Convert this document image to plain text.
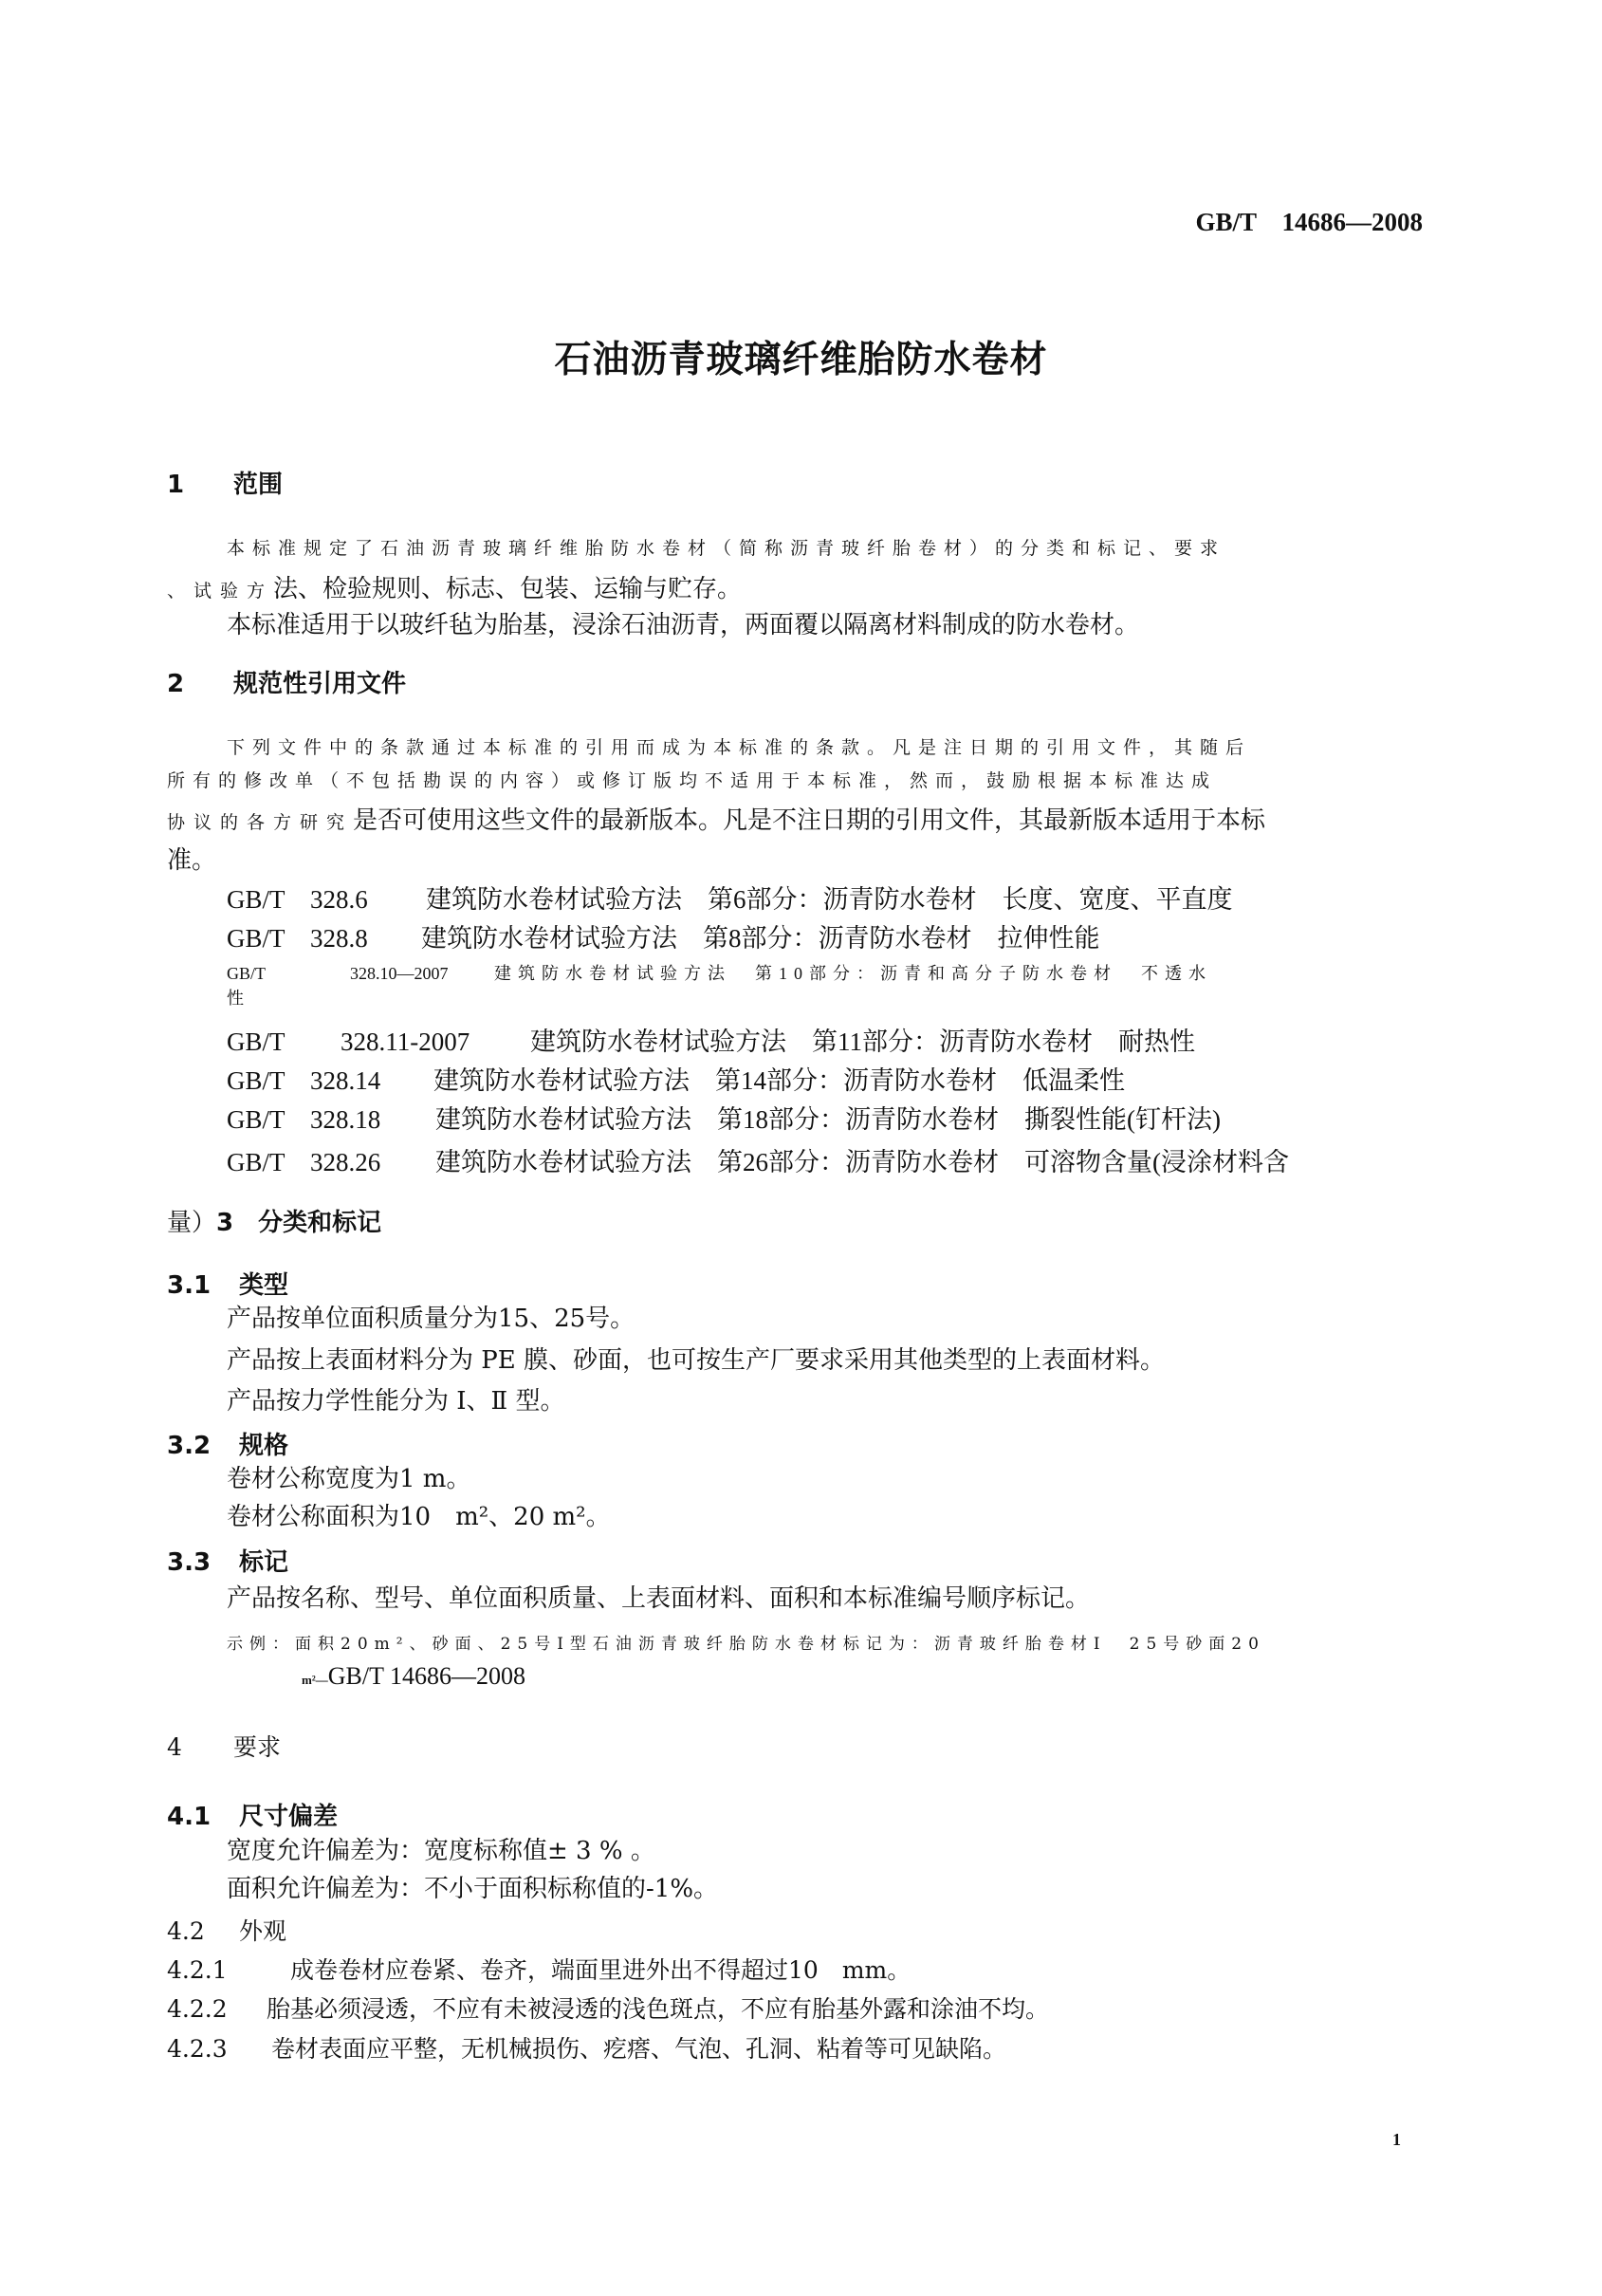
GB/T　14686—2008
石油沥青玻璃纤维胎防水卷材
1 范围
本标准规定了石油沥青玻璃纤维胎防水卷材（简称沥青玻纤胎卷材）的分类和标记、要求
、试验方法、检验规则、标志、包装、运输与贮存。
本标准适用于以玻纤毡为胎基，浸涂石油沥青，两面覆以隔离材料制成的防水卷材。
2 规范性引用文件
下列文件中的条款通过本标准的引用而成为本标准的条款。凡是注日期的引用文件，其随后
所有的修改单（不包括勘误的内容）或修订版均不适用于本标准，然而，鼓励根据本标准达成
协议的各方研究是否可使用这些文件的最新版本。凡是不注日期的引用文件，其最新版本适用于本标
准。
GB/T　328.6 建筑防水卷材试验方法　第6部分：沥青防水卷材　长度、宽度、平直度
GB/T　328.8 建筑防水卷材试验方法　第8部分：沥青防水卷材　拉伸性能
GB/T	328.10—2007	建筑防水卷材试验方法　第10部分：沥青和高分子防水卷材　不透水
性
GB/T 328.11-2007 建筑防水卷材试验方法　第11部分：沥青防水卷材　耐热性
GB/T　328.14 建筑防水卷材试验方法　第14部分：沥青防水卷材　低温柔性
GB/T　328.18 建筑防水卷材试验方法　第18部分：沥青防水卷材　撕裂性能(钉杆法)
GB/T　328.26 建筑防水卷材试验方法　第26部分：沥青防水卷材　可溶物含量(浸涂材料含
量）3　 分类和标记
3.1 类型
产品按单位面积质量分为15、25号。
产品按上表面材料分为 PE 膜、砂面，也可按生产厂要求采用其他类型的上表面材料。
产品按力学性能分为 Ⅰ、Ⅱ 型。
3.2 规格
卷材公称宽度为1 m。
卷材公称面积为10　m²、20 m²。
3.3 标记
产品按名称、型号、单位面积质量、上表面材料、面积和本标准编号顺序标记。
示例：面积20m²、砂面、25号Ⅰ型石油沥青玻纤胎防水卷材标记为：沥青玻纤胎卷材Ⅰ　25号砂面20
m²—GB/T 14686—2008
4 要求
4.1 尺寸偏差
宽度允许偏差为：宽度标称值± 3 % 。
面积允许偏差为：不小于面积标称值的-1%。
4.2 外观
4.2.1	成卷卷材应卷紧、卷齐，端面里进外出不得超过10　mm。
4.2.2 胎基必须浸透，不应有未被浸透的浅色斑点，不应有胎基外露和涂油不均。
4.2.3 卷材表面应平整，无机械损伤、疙瘩、气泡、孔洞、粘着等可见缺陷。
1
